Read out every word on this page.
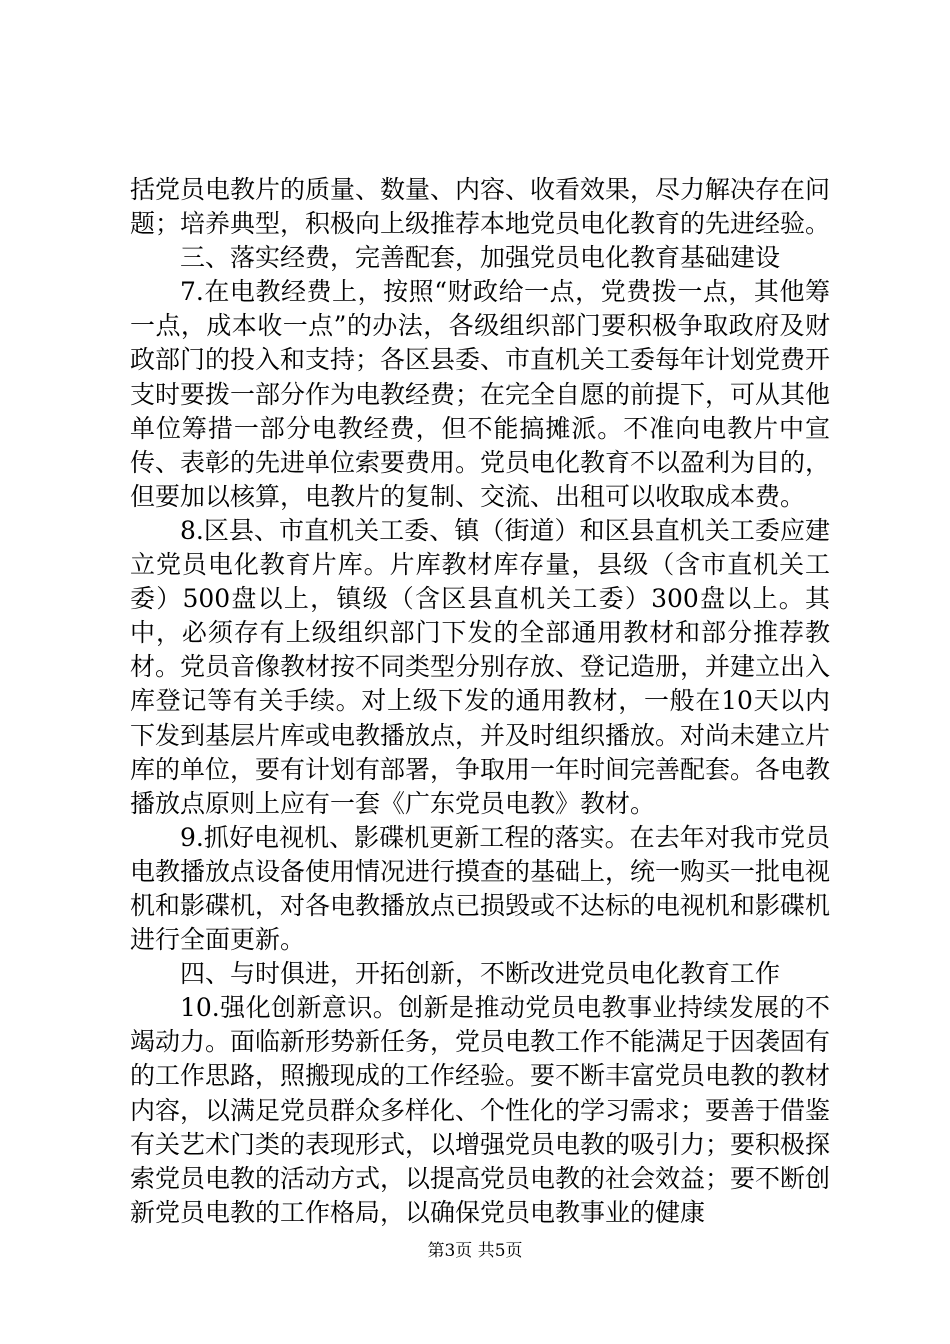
括党员电教片的质量、数量、内容、收看效果，尽力解决存在问题；培养典型，积极向上级推荐本地党员电化教育的先进经验。

三、落实经费，完善配套，加强党员电化教育基础建设

7.在电教经费上，按照“财政给一点，党费拨一点，其他筹一点，成本收一点”的办法，各级组织部门要积极争取政府及财政部门的投入和支持；各区县委、市直机关工委每年计划党费开支时要拨一部分作为电教经费；在完全自愿的前提下，可从其他单位筹措一部分电教经费，但不能搞摊派。不准向电教片中宣传、表彰的先进单位索要费用。党员电化教育不以盈利为目的，但要加以核算，电教片的复制、交流、出租可以收取成本费。

8.区县、市直机关工委、镇（街道）和区县直机关工委应建立党员电化教育片库。片库教材库存量，县级（含市直机关工委）500盘以上，镇级（含区县直机关工委）300盘以上。其中，必须存有上级组织部门下发的全部通用教材和部分推荐教材。党员音像教材按不同类型分别存放、登记造册，并建立出入库登记等有关手续。对上级下发的通用教材，一般在10天以内下发到基层片库或电教播放点，并及时组织播放。对尚未建立片库的单位，要有计划有部署，争取用一年时间完善配套。各电教播放点原则上应有一套《广东党员电教》教材。

9.抓好电视机、影碟机更新工程的落实。在去年对我市党员电教播放点设备使用情况进行摸查的基础上，统一购买一批电视机和影碟机，对各电教播放点已损毁或不达标的电视机和影碟机进行全面更新。

四、与时俱进，开拓创新，不断改进党员电化教育工作

10.强化创新意识。创新是推动党员电教事业持续发展的不竭动力。面临新形势新任务，党员电教工作不能满足于因袭固有的工作思路，照搬现成的工作经验。要不断丰富党员电教的教材内容，以满足党员群众多样化、个性化的学习需求；要善于借鉴有关艺术门类的表现形式，以增强党员电教的吸引力；要积极探索党员电教的活动方式，以提高党员电教的社会效益；要不断创新党员电教的工作格局，以确保党员电教事业的健康

第3页 共5页
